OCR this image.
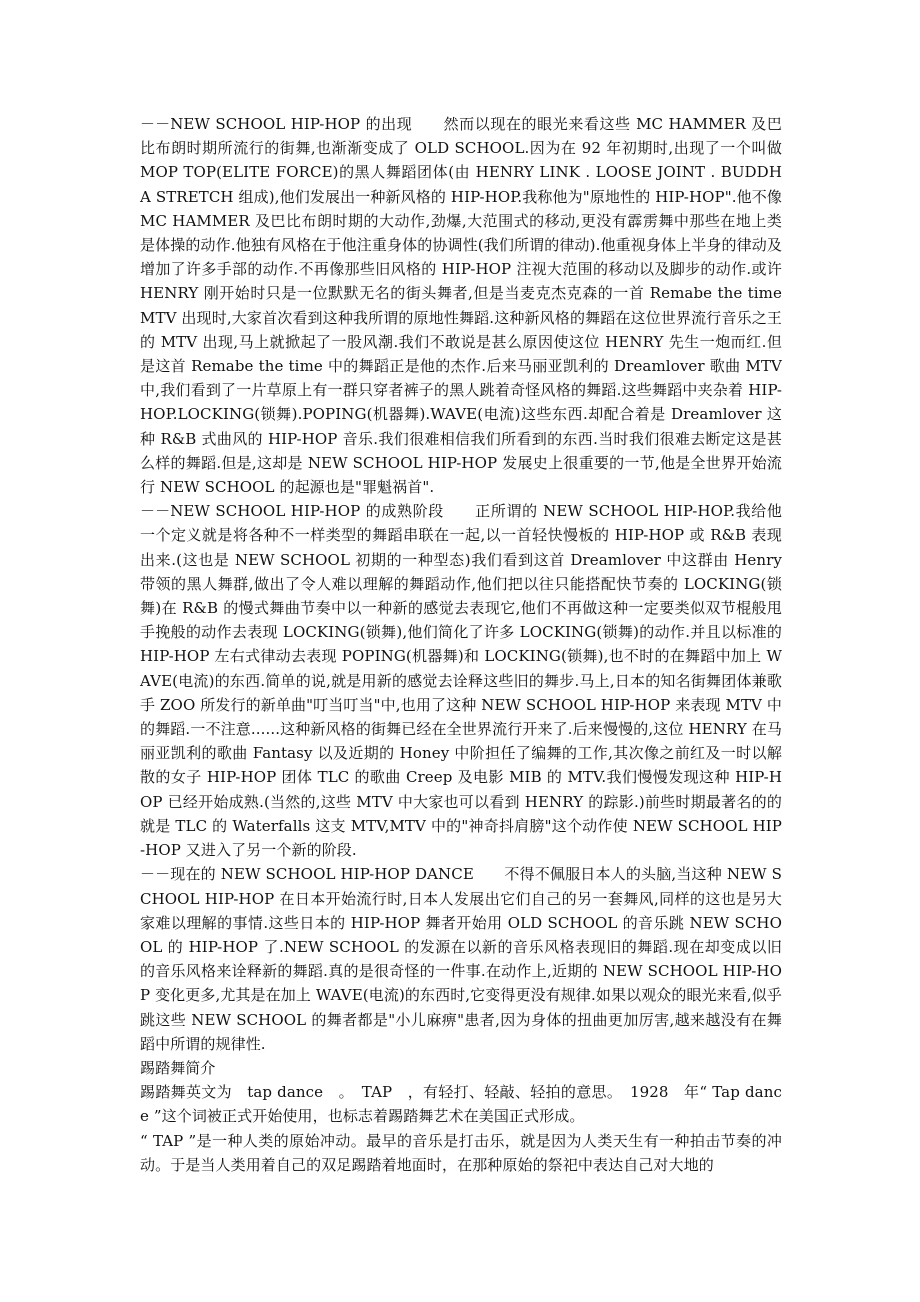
－－NEW SCHOOL HIP-HOP 的出现　　然而以现在的眼光来看这些 MC HAMMER 及巴比布朗时期所流行的街舞,也渐渐变成了 OLD SCHOOL.因为在 92 年初期时,出现了一个叫做 MOP TOP(ELITE FORCE)的黑人舞蹈团体(由 HENRY LINK . LOOSE JOINT . BUDDHA STRETCH 组成),他们发展出一种新风格的 HIP-HOP.我称他为"原地性的 HIP-HOP".他不像 MC HAMMER 及巴比布朗时期的大动作,劲爆,大范围式的移动,更没有霹雳舞中那些在地上类是体操的动作.他独有风格在于他注重身体的协调性(我们所谓的律动).他重视身体上半身的律动及增加了许多手部的动作.不再像那些旧风格的 HIP-HOP 注视大范围的移动以及脚步的动作.或许 HENRY 刚开始时只是一位默默无名的街头舞者,但是当麦克杰克森的一首 Remabe the time MTV 出现时,大家首次看到这种我所谓的原地性舞蹈.这种新风格的舞蹈在这位世界流行音乐之王的 MTV 出现,马上就掀起了一股风潮.我们不敢说是甚么原因使这位 HENRY 先生一炮而红.但是这首 Remabe the time 中的舞蹈正是他的杰作.后来马丽亚凯利的 Dreamlover 歌曲 MTV 中,我们看到了一片草原上有一群只穿者裤子的黑人跳着奇怪风格的舞蹈.这些舞蹈中夹杂着 HIP-HOP.LOCKING(锁舞).POPING(机器舞).WAVE(电流)这些东西.却配合着是 Dreamlover 这种 R&B 式曲风的 HIP-HOP 音乐.我们很难相信我们所看到的东西.当时我们很难去断定这是甚么样的舞蹈.但是,这却是 NEW SCHOOL HIP-HOP 发展史上很重要的一节,他是全世界开始流行 NEW SCHOOL 的起源也是"罪魁祸首".

－－NEW SCHOOL HIP-HOP 的成熟阶段　　正所谓的 NEW SCHOOL HIP-HOP.我给他一个定义就是将各种不一样类型的舞蹈串联在一起,以一首轻快慢板的 HIP-HOP 或 R&B 表现出来.(这也是 NEW SCHOOL 初期的一种型态)我们看到这首 Dreamlover 中这群由 Henry 带领的黑人舞群,做出了令人难以理解的舞蹈动作,他们把以往只能搭配快节奏的 LOCKING(锁舞)在 R&B 的慢式舞曲节奏中以一种新的感觉去表现它,他们不再做这种一定要类似双节棍般甩手挽般的动作去表现 LOCKING(锁舞),他们简化了许多 LOCKING(锁舞)的动作.并且以标准的 HIP-HOP 左右式律动去表现 POPING(机器舞)和 LOCKING(锁舞),也不时的在舞蹈中加上 WAVE(电流)的东西.简单的说,就是用新的感觉去诠释这些旧的舞步.马上,日本的知名街舞团体兼歌手 ZOO 所发行的新单曲"叮当叮当"中,也用了这种 NEW SCHOOL HIP-HOP 来表现 MTV 中的舞蹈.一不注意......这种新风格的街舞已经在全世界流行开来了.后来慢慢的,这位 HENRY 在马丽亚凯利的歌曲 Fantasy 以及近期的 Honey 中阶担任了编舞的工作,其次像之前红及一时以解散的女子 HIP-HOP 团体 TLC 的歌曲 Creep 及电影 MIB 的 MTV.我们慢慢发现这种 HIP-HOP 已经开始成熟.(当然的,这些 MTV 中大家也可以看到 HENRY 的踪影.)前些时期最著名的的就是 TLC 的 Waterfalls 这支 MTV,MTV 中的"神奇抖肩膀"这个动作使 NEW SCHOOL HIP-HOP 又进入了另一个新的阶段.

－－现在的 NEW SCHOOL HIP-HOP DANCE　　不得不佩服日本人的头脑,当这种 NEW SCHOOL HIP-HOP 在日本开始流行时,日本人发展出它们自己的另一套舞风,同样的这也是另大家难以理解的事情.这些日本的 HIP-HOP 舞者开始用 OLD SCHOOL 的音乐跳 NEW SCHOOL 的 HIP-HOP 了.NEW SCHOOL 的发源在以新的音乐风格表现旧的舞蹈.现在却变成以旧的音乐风格来诠释新的舞蹈.真的是很奇怪的一件事.在动作上,近期的 NEW SCHOOL HIP-HOP 变化更多,尤其是在加上 WAVE(电流)的东西时,它变得更没有规律.如果以观众的眼光来看,似乎跳这些 NEW SCHOOL 的舞者都是"小儿麻痹"患者,因为身体的扭曲更加厉害,越来越没有在舞蹈中所谓的规律性.

踢踏舞简介

踢踏舞英文为　tap dance　。　TAP　，有轻打、轻敲、轻拍的意思。　1928　年“ Tap dance ”这个词被正式开始使用，也标志着踢踏舞艺术在美国正式形成。

“ TAP ”是一种人类的原始冲动。最早的音乐是打击乐，就是因为人类天生有一种拍击节奏的冲动。于是当人类用着自己的双足踢踏着地面时，在那种原始的祭祀中表达自己对大地的
